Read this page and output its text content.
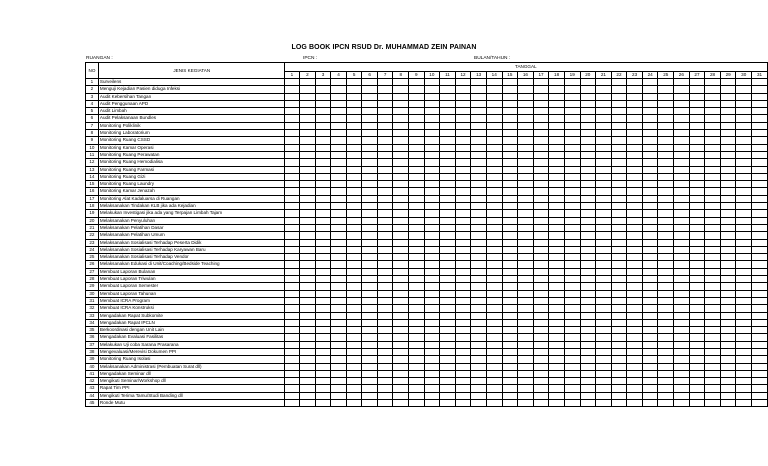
LOG BOOK IPCN RSUD Dr. MUHAMMAD ZEIN PAINAN
RUANGAN :	IPCN :	BULAN/TAHUN :
NO	JENIS KEGIATAN	TANGGAL																														
		1	2	3	4	5	6	7	8	9	10	11	12	13	14	15	16	17	18	19	20	21	22	23	24	25	26	27	28	29	30	31
1	Surveilens																															
2	Menguji Kejadian Pasien diduga Infeksi																															
3	Audit Kebersihan Tangan																															
4	Audit Penggunaan APD																															
5	Audit Limbah																															
6	Audit Pelaksanaan Bundles																															
7	Monitoring Poliklinik																															
8	Monitoring Laboratorium																															
9	Monitoring Ruang CSSD																															
10	Monitoring Kamar Operasi																															
11	Monitoring Ruang Perawatan																															
12	Monitoring Ruang Hemodialisa																															
13	Monitoring Ruang Farmasi																															
14	Monitoring Ruang Gizi																															
15	Monitoring Ruang Laundry																															
16	Monitoring Kamar Jenazah																															
17	Monitoring Alat Kadaluarsa di Ruangan																															
18	Melaksanakan Tindakan KLB jika ada Kejadian																															
19	Melakukan Investigasi jika ada yang Terpajan Limbah Tajam																															
20	Melaksanakan Penyuluhan																															
21	Melaksanakan Pelatihan Dasar																															
22	Melaksanakan Pelatihan Umum																															
23	Melaksanakan Sosialisasi Terhadap Peserta Didik																															
24	Melaksanakan Sosialisasi Terhadap Karyawan Baru																															
25	Melaksanakan Sosialisasi Terhadap Vendor																															
26	Melaksanakan Edukasi di Unit/Coaching/Bedside Teaching																															
27	Membuat Laporan Bulanan																															
28	Membuat Laporan Triwulan																															
29	Membuat Laporan Semester																															
30	Membuat Laporan Tahunan																															
31	Membuat ICRA Program																															
32	Membuat ICRA Konstruksi																															
33	Mengadakan Rapat Subkomite																															
34	Mengadakan Rapat IPCLN																															
35	Berkoordinasi dengan Unit Lain																															
36	Mengadakan Evaluasi Fasilitas																															
37	Melakukan Uji coba Sarana Prasarana																															
38	Mengevaluasi/Merevisi Dokumen PPI																															
39	Monitoring Ruang Isolasi																															
40	Melaksanakan Administrasi (Pembuatan Surat dll)																															
41	Mengadakan Seminar dll																															
42	Mengikuti Seminar/Workshop dll																															
43	Rapat Tim PPI																															
44	Mengikuti Terima Tamu/Studi Banding dll																															
45	Ronde Mutu																															
